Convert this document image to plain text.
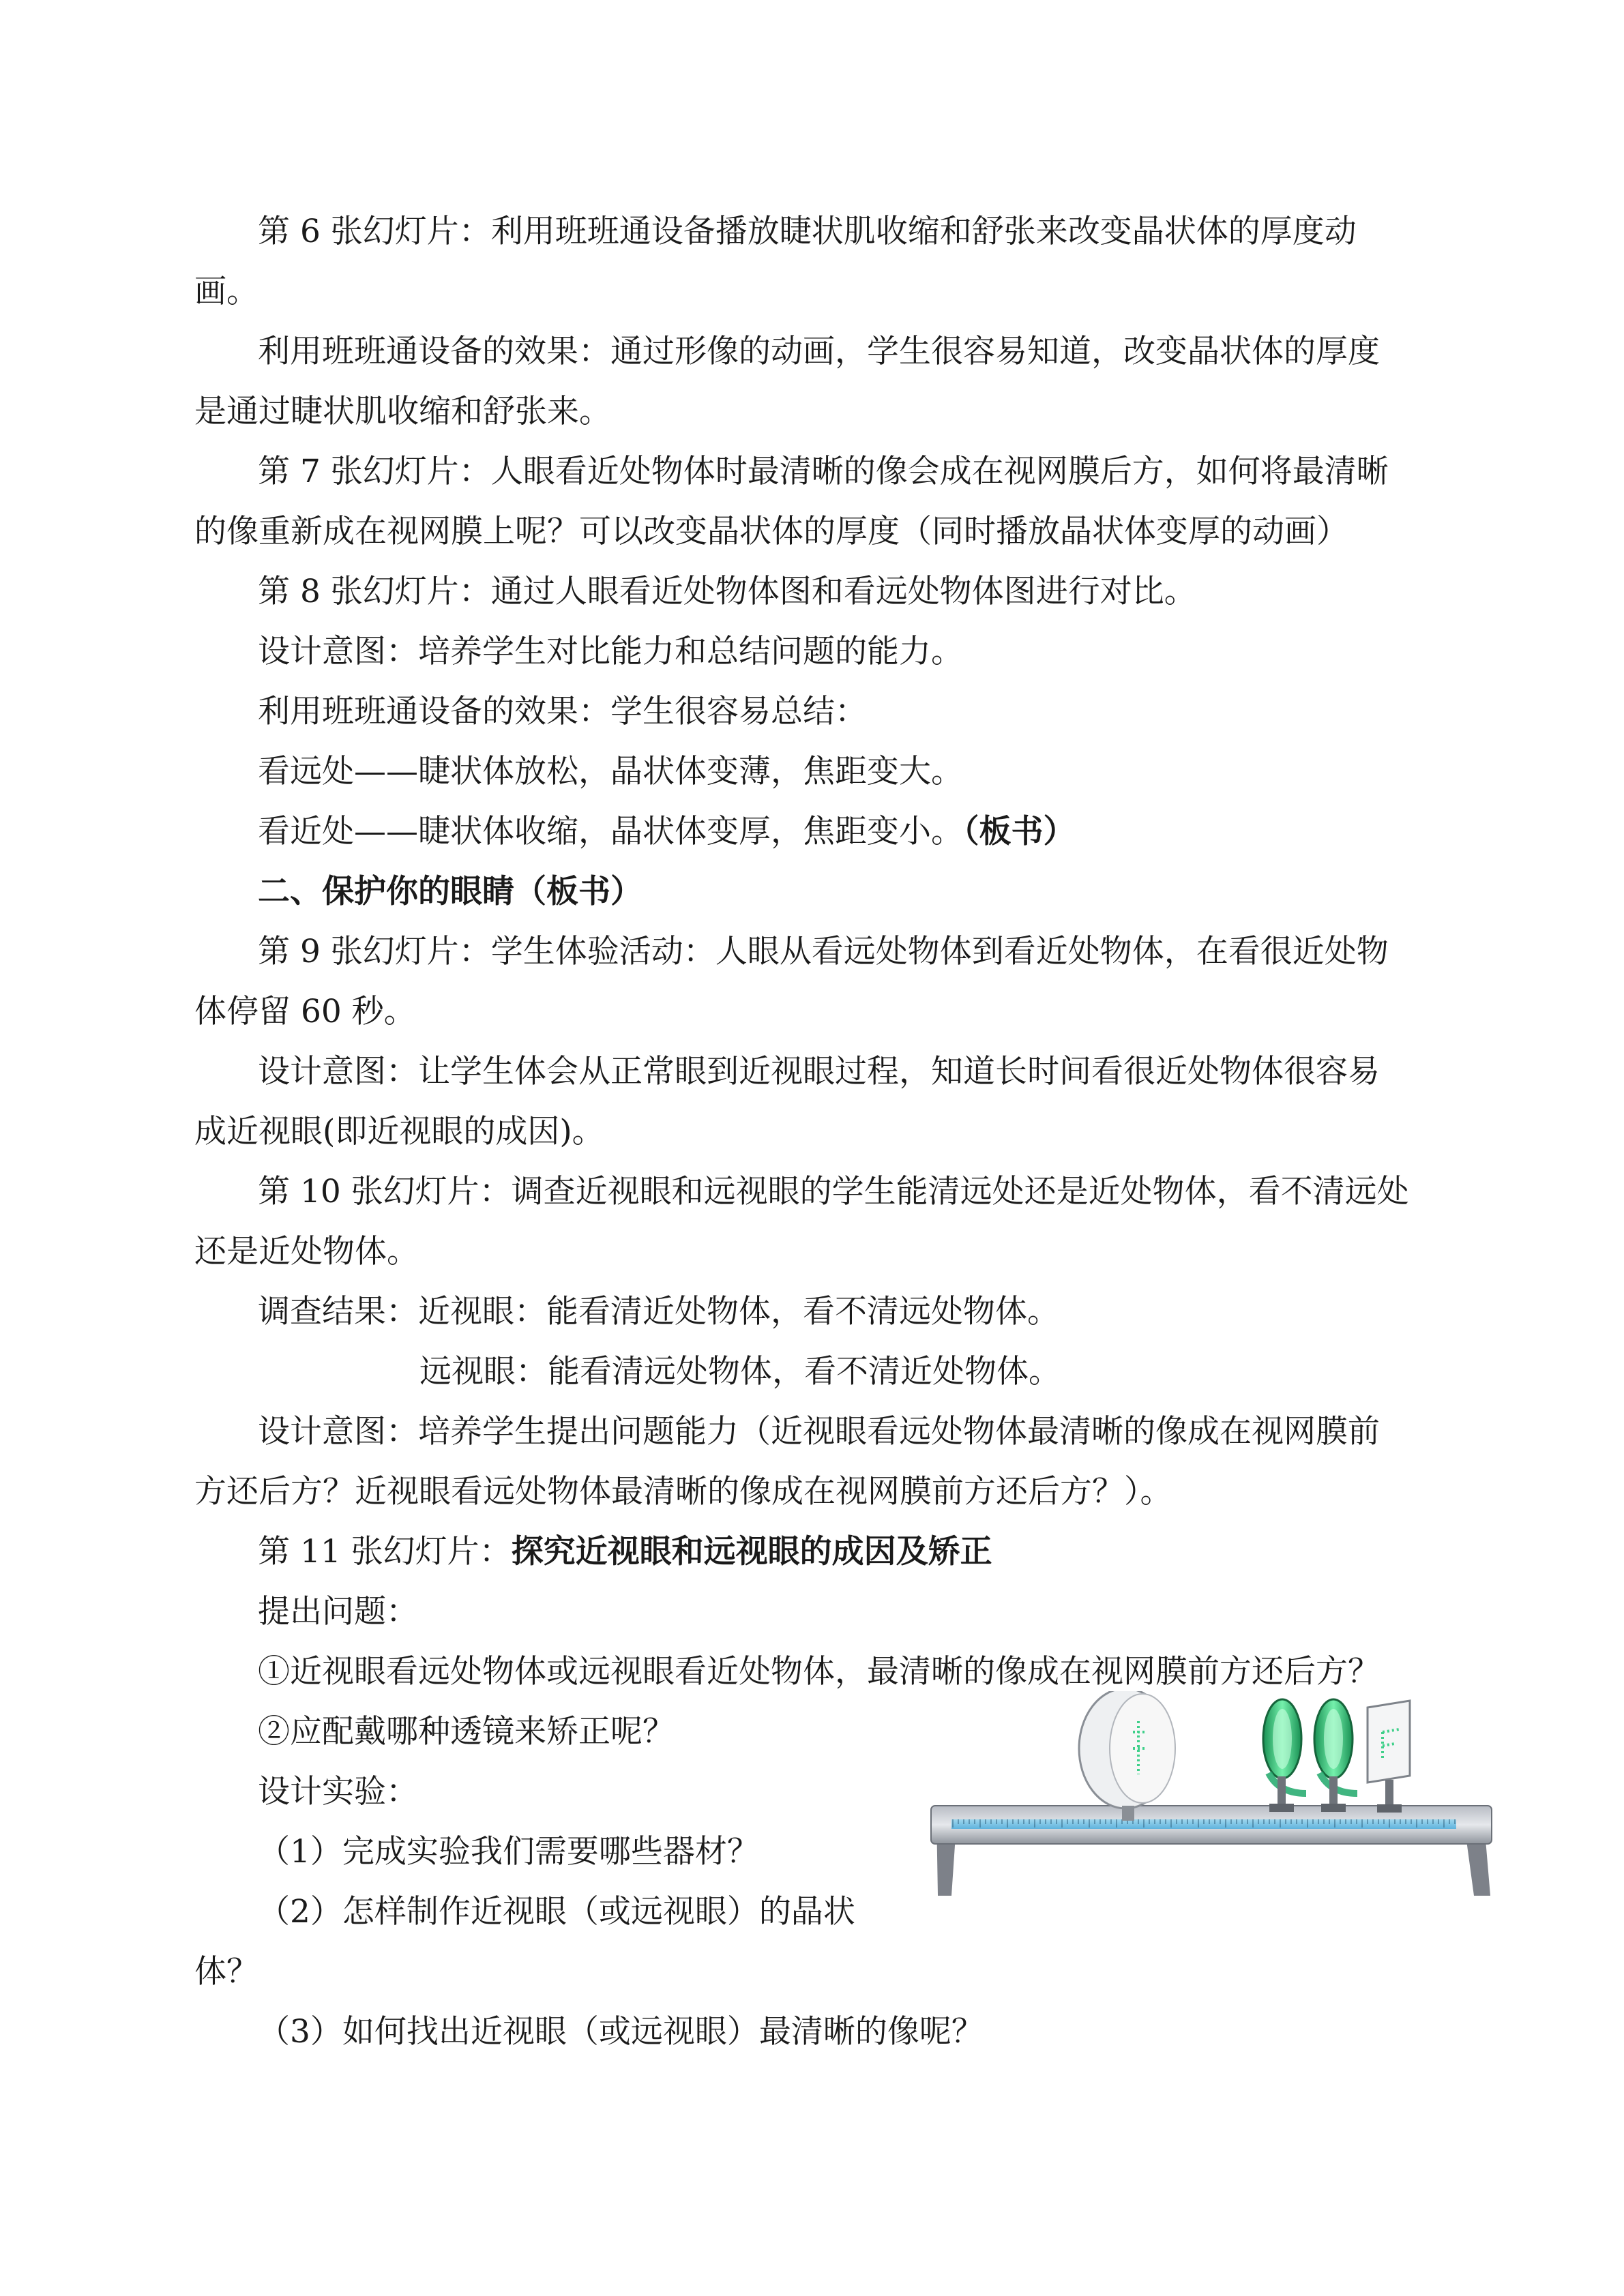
第 6 张幻灯片：利用班班通设备播放睫状肌收缩和舒张来改变晶状体的厚度动
画。
利用班班通设备的效果：通过形像的动画，学生很容易知道，改变晶状体的厚度
是通过睫状肌收缩和舒张来。
第 7 张幻灯片：人眼看近处物体时最清晰的像会成在视网膜后方，如何将最清晰
的像重新成在视网膜上呢？可以改变晶状体的厚度（同时播放晶状体变厚的动画）
第 8 张幻灯片：通过人眼看近处物体图和看远处物体图进行对比。
设计意图：培养学生对比能力和总结问题的能力。
利用班班通设备的效果：学生很容易总结：
看远处——睫状体放松，晶状体变薄，焦距变大。
看近处——睫状体收缩，晶状体变厚，焦距变小。（板书）
二、保护你的眼睛（板书）
第 9 张幻灯片：学生体验活动：人眼从看远处物体到看近处物体，在看很近处物
体停留 60 秒。
设计意图：让学生体会从正常眼到近视眼过程，知道长时间看很近处物体很容易
成近视眼(即近视眼的成因)。
第 10 张幻灯片：调查近视眼和远视眼的学生能清远处还是近处物体，看不清远处
还是近处物体。
调查结果：近视眼：能看清近处物体，看不清远处物体。
远视眼：能看清远处物体，看不清近处物体。
设计意图：培养学生提出问题能力（近视眼看远处物体最清晰的像成在视网膜前
方还后方？近视眼看远处物体最清晰的像成在视网膜前方还后方？）。
第 11 张幻灯片：探究近视眼和远视眼的成因及矫正
提出问题：
①近视眼看远处物体或远视眼看近处物体，最清晰的像成在视网膜前方还后方？
②应配戴哪种透镜来矫正呢？
设计实验：
（1）完成实验我们需要哪些器材？
（2）怎样制作近视眼（或远视眼）的晶状
体？
（3）如何找出近视眼（或远视眼）最清晰的像呢？
